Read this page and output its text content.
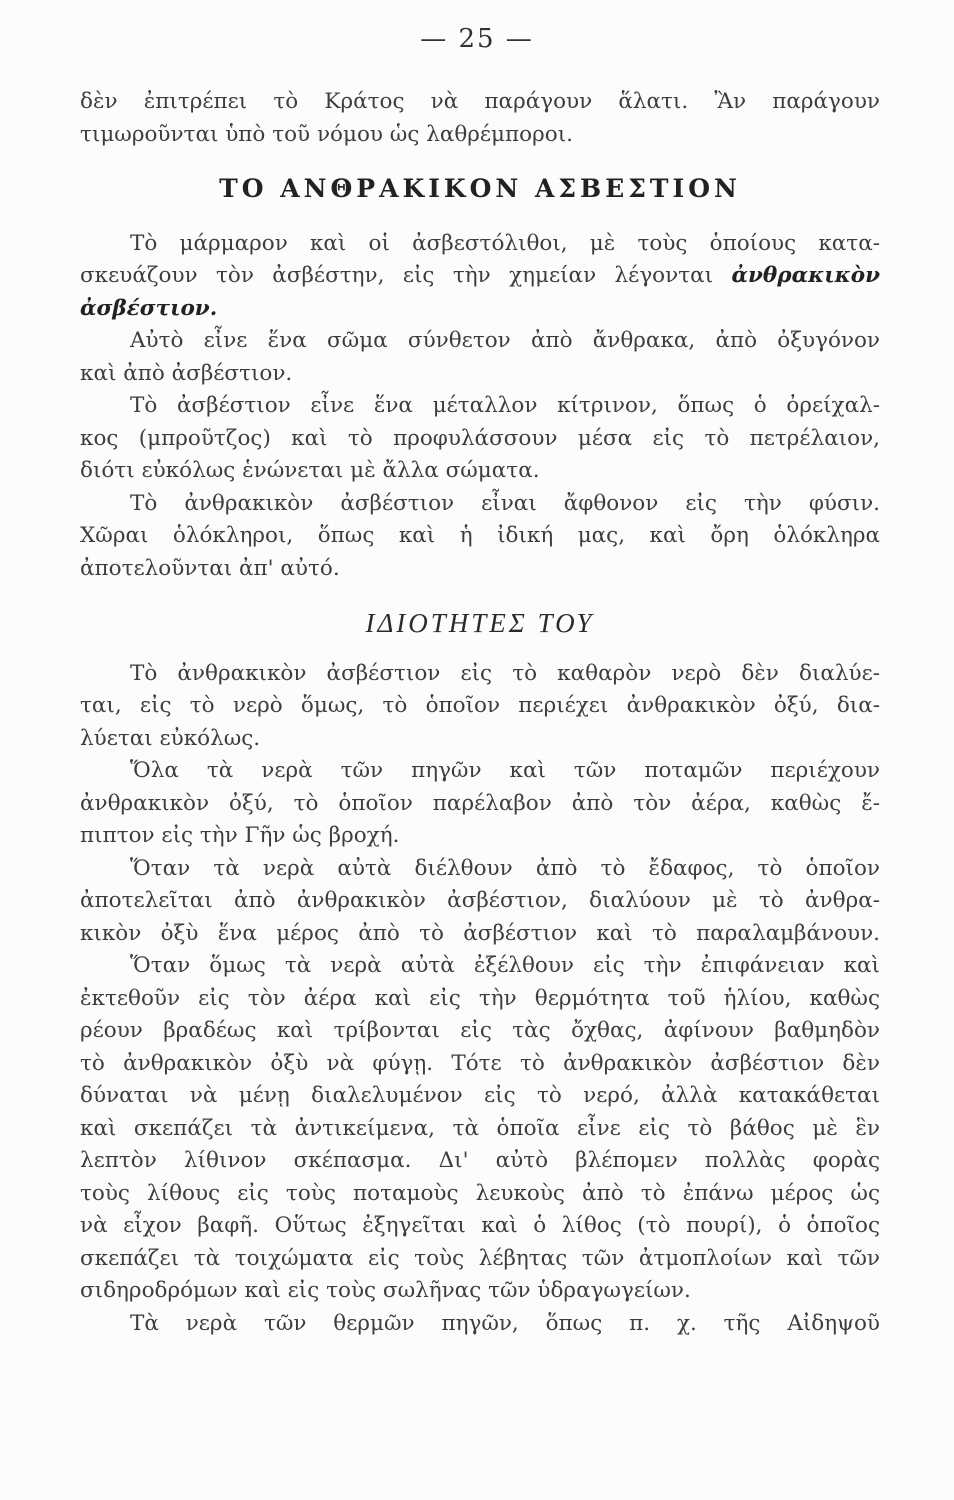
— 25 —
δὲν ἐπιτρέπει τὸ Κράτος νὰ παράγουν ἅλατι. Ἂν παράγουν
τιμωροῦνται ὑπὸ τοῦ νόμου ὡς λαθρέμποροι.
ΤΟ ΑΝΘΡΑΚΙΚΟΝ ΑΣΒΕΣΤΙΟΝ
Τὸ μάρμαρον καὶ οἱ ἀσβεστόλιθοι, μὲ τοὺς ὁποίους κατα-
σκευάζουν τὸν ἀσβέστην, εἰς τὴν χημείαν λέγονται ἀνθρακικὸν
ἀσβέστιον.
Αὐτὸ εἶνε ἕνα σῶμα σύνθετον ἀπὸ ἄνθρακα, ἀπὸ ὀξυγόνον
καὶ ἀπὸ ἀσβέστιον.
Τὸ ἀσβέστιον εἶνε ἕνα μέταλλον κίτρινον, ὅπως ὁ ὀρείχαλ-
κος (μπροῦτζος) καὶ τὸ προφυλάσσουν μέσα εἰς τὸ πετρέλαιον,
διότι εὐκόλως ἑνώνεται μὲ ἄλλα σώματα.
Τὸ ἀνθρακικὸν ἀσβέστιον εἶναι ἄφθονον εἰς τὴν φύσιν.
Χῶραι ὁλόκληροι, ὅπως καὶ ἡ ἰδική μας, καὶ ὄρη ὁλόκληρα
ἀποτελοῦνται ἀπ' αὐτό.
ΙΔΙΟΤΗΤΕΣ ΤΟΥ
Τὸ ἀνθρακικὸν ἀσβέστιον εἰς τὸ καθαρὸν νερὸ δὲν διαλύε-
ται, εἰς τὸ νερὸ ὅμως, τὸ ὁποῖον περιέχει ἀνθρακικὸν ὀξύ, δια-
λύεται εὐκόλως.
Ὅλα τὰ νερὰ τῶν πηγῶν καὶ τῶν ποταμῶν περιέχουν
ἀνθρακικὸν ὀξύ, τὸ ὁποῖον παρέλαβον ἀπὸ τὸν ἀέρα, καθὼς ἔ-
πιπτον εἰς τὴν Γῆν ὡς βροχή.
Ὅταν τὰ νερὰ αὐτὰ διέλθουν ἀπὸ τὸ ἔδαφος, τὸ ὁποῖον
ἀποτελεῖται ἀπὸ ἀνθρακικὸν ἀσβέστιον, διαλύουν μὲ τὸ ἀνθρα-
κικὸν ὀξὺ ἕνα μέρος ἀπὸ τὸ ἀσβέστιον καὶ τὸ παραλαμβάνουν.
Ὅταν ὅμως τὰ νερὰ αὐτὰ ἐξέλθουν εἰς τὴν ἐπιφάνειαν καὶ
ἐκτεθοῦν εἰς τὸν ἀέρα καὶ εἰς τὴν θερμότητα τοῦ ἡλίου, καθὼς
ρέουν βραδέως καὶ τρίβονται εἰς τὰς ὄχθας, ἀφίνουν βαθμηδὸν
τὸ ἀνθρακικὸν ὀξὺ νὰ φύγῃ. Τότε τὸ ἀνθρακικὸν ἀσβέστιον δὲν
δύναται νὰ μένῃ διαλελυμένον εἰς τὸ νερό, ἀλλὰ κατακάθεται
καὶ σκεπάζει τὰ ἀντικείμενα, τὰ ὁποῖα εἶνε εἰς τὸ βάθος μὲ ἓν
λεπτὸν λίθινον σκέπασμα. Δι' αὐτὸ βλέπομεν πολλὰς φορὰς
τοὺς λίθους εἰς τοὺς ποταμοὺς λευκοὺς ἀπὸ τὸ ἐπάνω μέρος ὡς
νὰ εἶχον βαφῆ. Οὕτως ἐξηγεῖται καὶ ὁ λίθος (τὸ πουρί), ὁ ὁποῖος
σκεπάζει τὰ τοιχώματα εἰς τοὺς λέβητας τῶν ἀτμοπλοίων καὶ τῶν
σιδηροδρόμων καὶ εἰς τοὺς σωλῆνας τῶν ὑδραγωγείων.
Τὰ νερὰ τῶν θερμῶν πηγῶν, ὅπως π. χ. τῆς Αἰδηψοῦ
